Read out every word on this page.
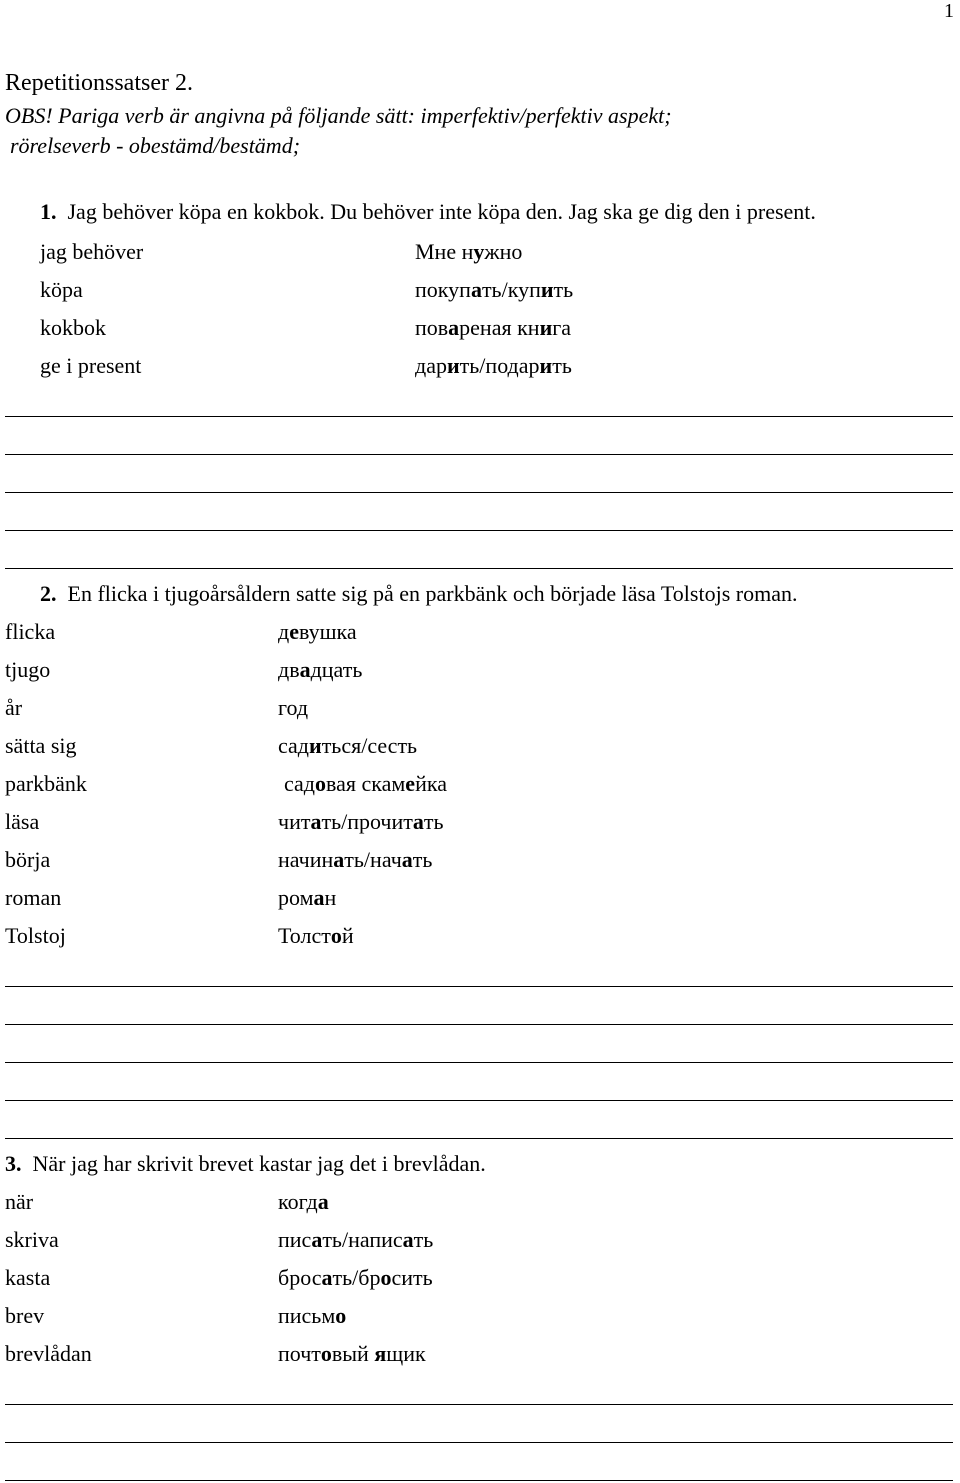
1
Repetitionssatser 2.
OBS! Pariga verb är angivna på följande sätt: imperfektiv/perfektiv aspekt;
rörelseverb - obestämd/bestämd;
1. Jag behöver köpa en kokbok. Du behöver inte köpa den. Jag ska ge dig den i present.
jag behöver	Мне нужно
köpa	покупать/купить
kokbok	повареная книга
ge i present	дарить/подарить
2. En flicka i tjugoårsåldern satte sig på en parkbänk och började läsa Tolstojs roman.
flicka	девушка
tjugo	двадцать
år	год
sätta sig	садиться/сесть
parkbänk	садовая скамейка
läsa	читать/прочитать
börja	начинать/начать
roman	роман
Tolstoj	Толстой
3. När jag har skrivit brevet kastar jag det i brevlådan.
när	когда
skriva	писать/написать
kasta	бросать/бросить
brev	письмо
brevlådan	почтовый ящик
